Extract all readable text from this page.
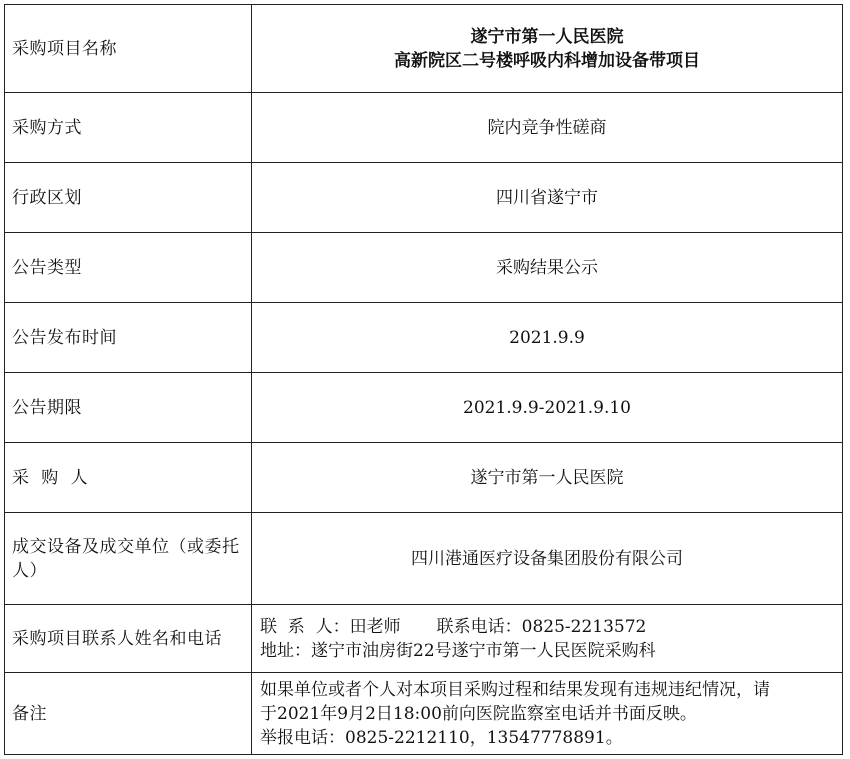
采购项目名称	遂宁市第一人民医院
高新院区二号楼呼吸内科增加设备带项目

采购方式	院内竞争性磋商
行政区划	四川省遂宁市
公告类型	采购结果公示
公告发布时间	2021.9.9
公告期限	2021.9.9-2021.9.10
采  购  人	遂宁市第一人民医院
成交设备及成交单位（或委托人）	四川港通医疗设备集团股份有限公司
采购项目联系人姓名和电话	联  系  人：田老师 联系电话：0825-2213572
地址：遂宁市油房街22号遂宁市第一人民医院采购科

备注	如果单位或者个人对本项目采购过程和结果发现有违规违纪情况，请
于2021年9月2日18:00前向医院监察室电话并书面反映。
举报电话：0825-2212110，13547778891。
